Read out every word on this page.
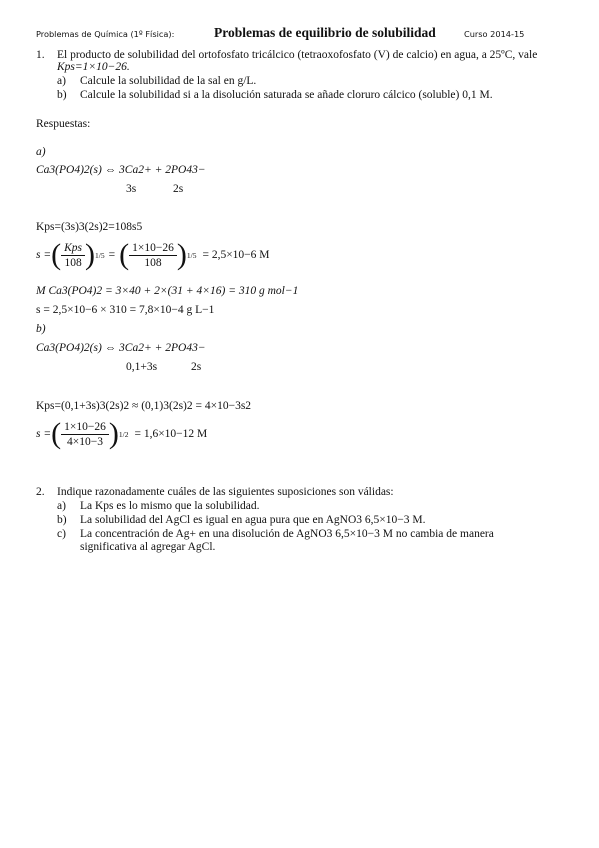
Problemas de Química (1º Física):	Problemas de equilibrio de solubilidad	Curso 2014-15
1. El producto de solubilidad del ortofosfato tricálcico (tetraoxofosfato (V) de calcio) en agua, a 25ºC, vale
Kps=1×10−26.
a) Calcule la solubilidad de la sal en g/L.
b) Calcule la solubilidad si a la disolución saturada se añade cloruro cálcico (soluble) 0,1 M.
Respuestas:
a)
Ca3(PO4)2(s) ⇔ 3Ca2+ + 2PO43−
3s	2s
Kps=(3s)3(2s)2=108s5
s = ( $\frac{\text{Kps}}{108}$ ) 1/5 = ( $\frac{1\times 10-26}{108}$ ) 1/5 = 2,5×10−6 M
M Ca3(PO4)2 = 3×40 + 2×(31 + 4×16) = 310 g mol−1
s = 2,5×10−6 × 310 = 7,8×10−4 g L−1
b)
Ca3(PO4)2(s) ⇔ 3Ca2+ + 2PO43−
0,1+3s	2s
Kps=(0,1+3s)3(2s)2 ≈ (0,1)3(2s)2 = 4×10−3s2
s = ( $\frac{1\times 10-26}{4\times 10-3}$ ) 1/2 = 1,6×10−12 M
2. Indique razonadamente cuáles de las siguientes suposiciones son válidas:
a) La Kps es lo mismo que la solubilidad.
b) La solubilidad del AgCl es igual en agua pura que en AgNO3 6,5×10−3 M.
c) La concentración de Ag+ en una disolución de AgNO3 6,5×10−3 M no cambia de manera
significativa al agregar AgCl.
